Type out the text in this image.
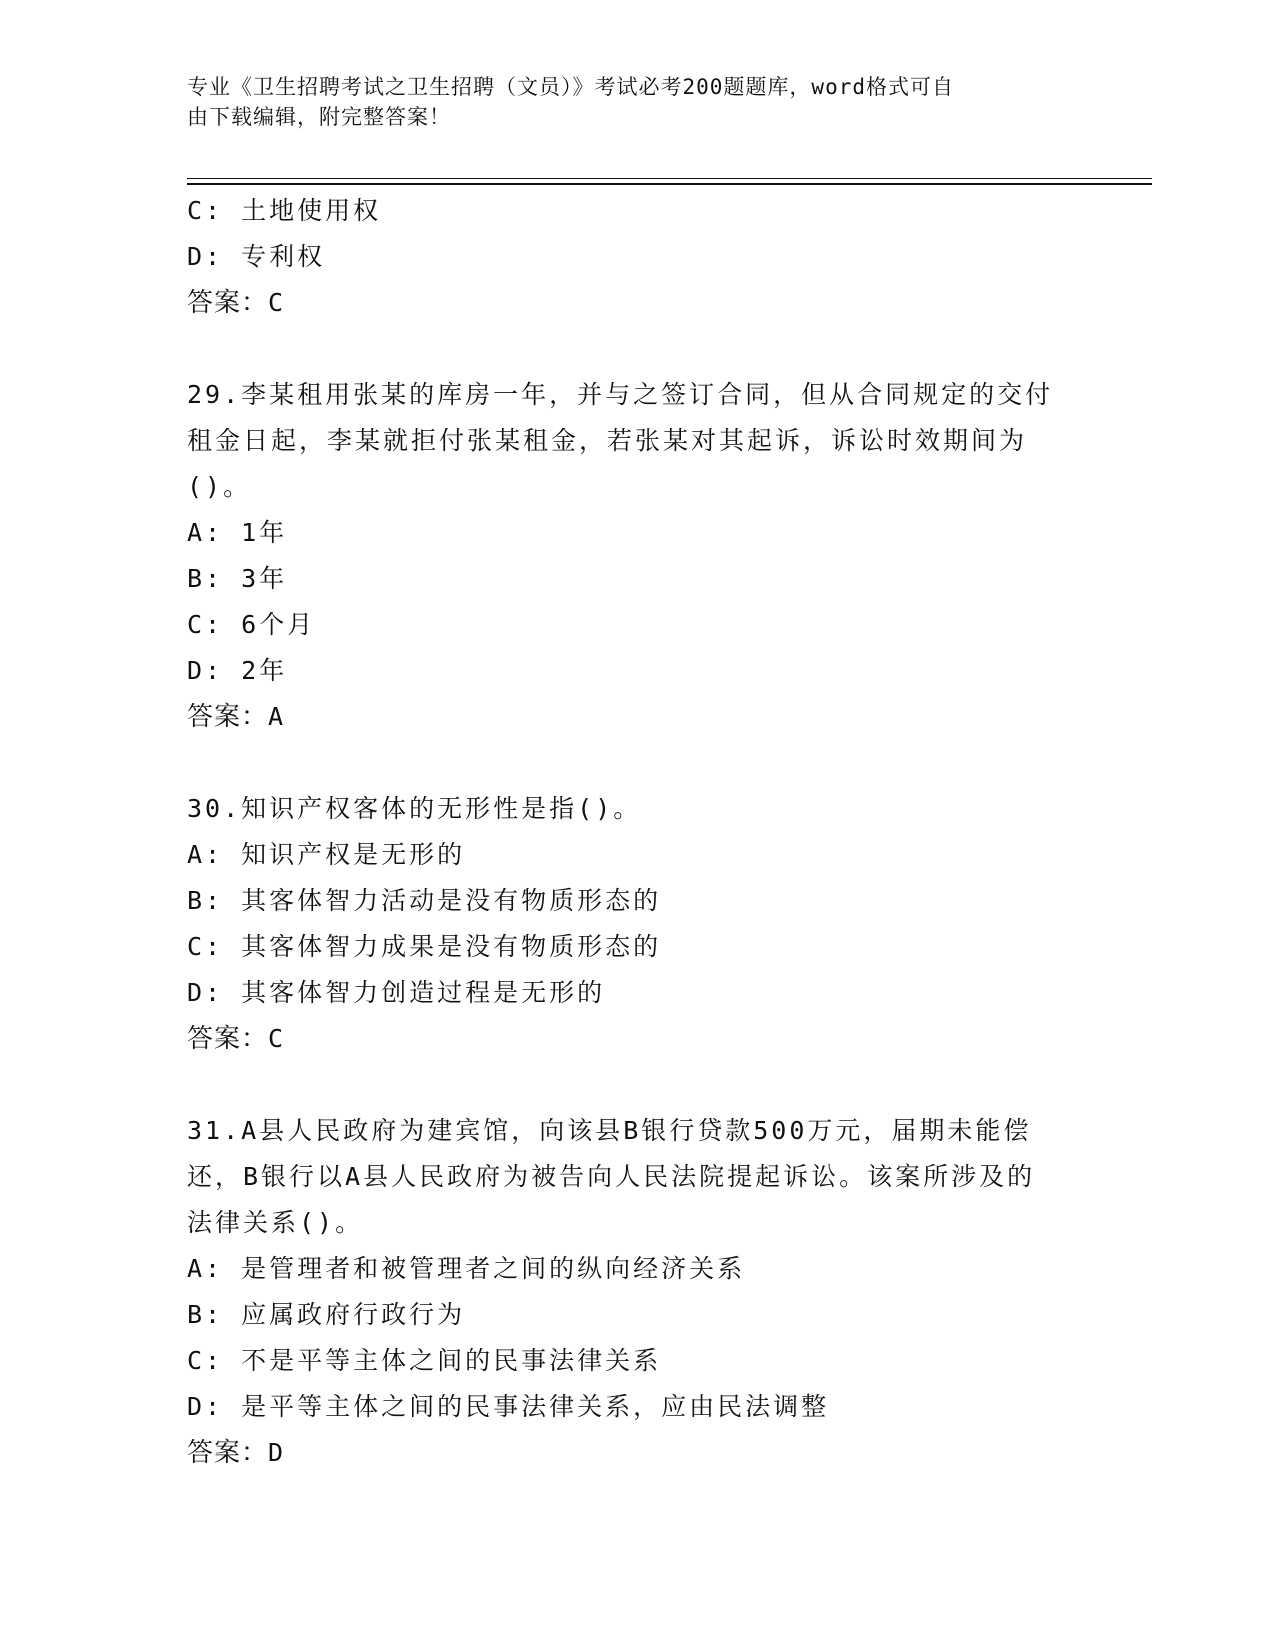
专业《卫生招聘考试之卫生招聘（文员）》考试必考200题题库，word格式可自
由下载编辑，附完整答案！
C: 土地使用权
D: 专利权
答案：C
29.李某租用张某的库房一年，并与之签订合同，但从合同规定的交付
租金日起，李某就拒付张某租金，若张某对其起诉，诉讼时效期间为
()。
A: 1年
B: 3年
C: 6个月
D: 2年
答案：A
30.知识产权客体的无形性是指()。
A: 知识产权是无形的
B: 其客体智力活动是没有物质形态的
C: 其客体智力成果是没有物质形态的
D: 其客体智力创造过程是无形的
答案：C
31.A县人民政府为建宾馆，向该县B银行贷款500万元，届期未能偿
还，B银行以A县人民政府为被告向人民法院提起诉讼。该案所涉及的
法律关系()。
A: 是管理者和被管理者之间的纵向经济关系
B: 应属政府行政行为
C: 不是平等主体之间的民事法律关系
D: 是平等主体之间的民事法律关系，应由民法调整
答案：D
